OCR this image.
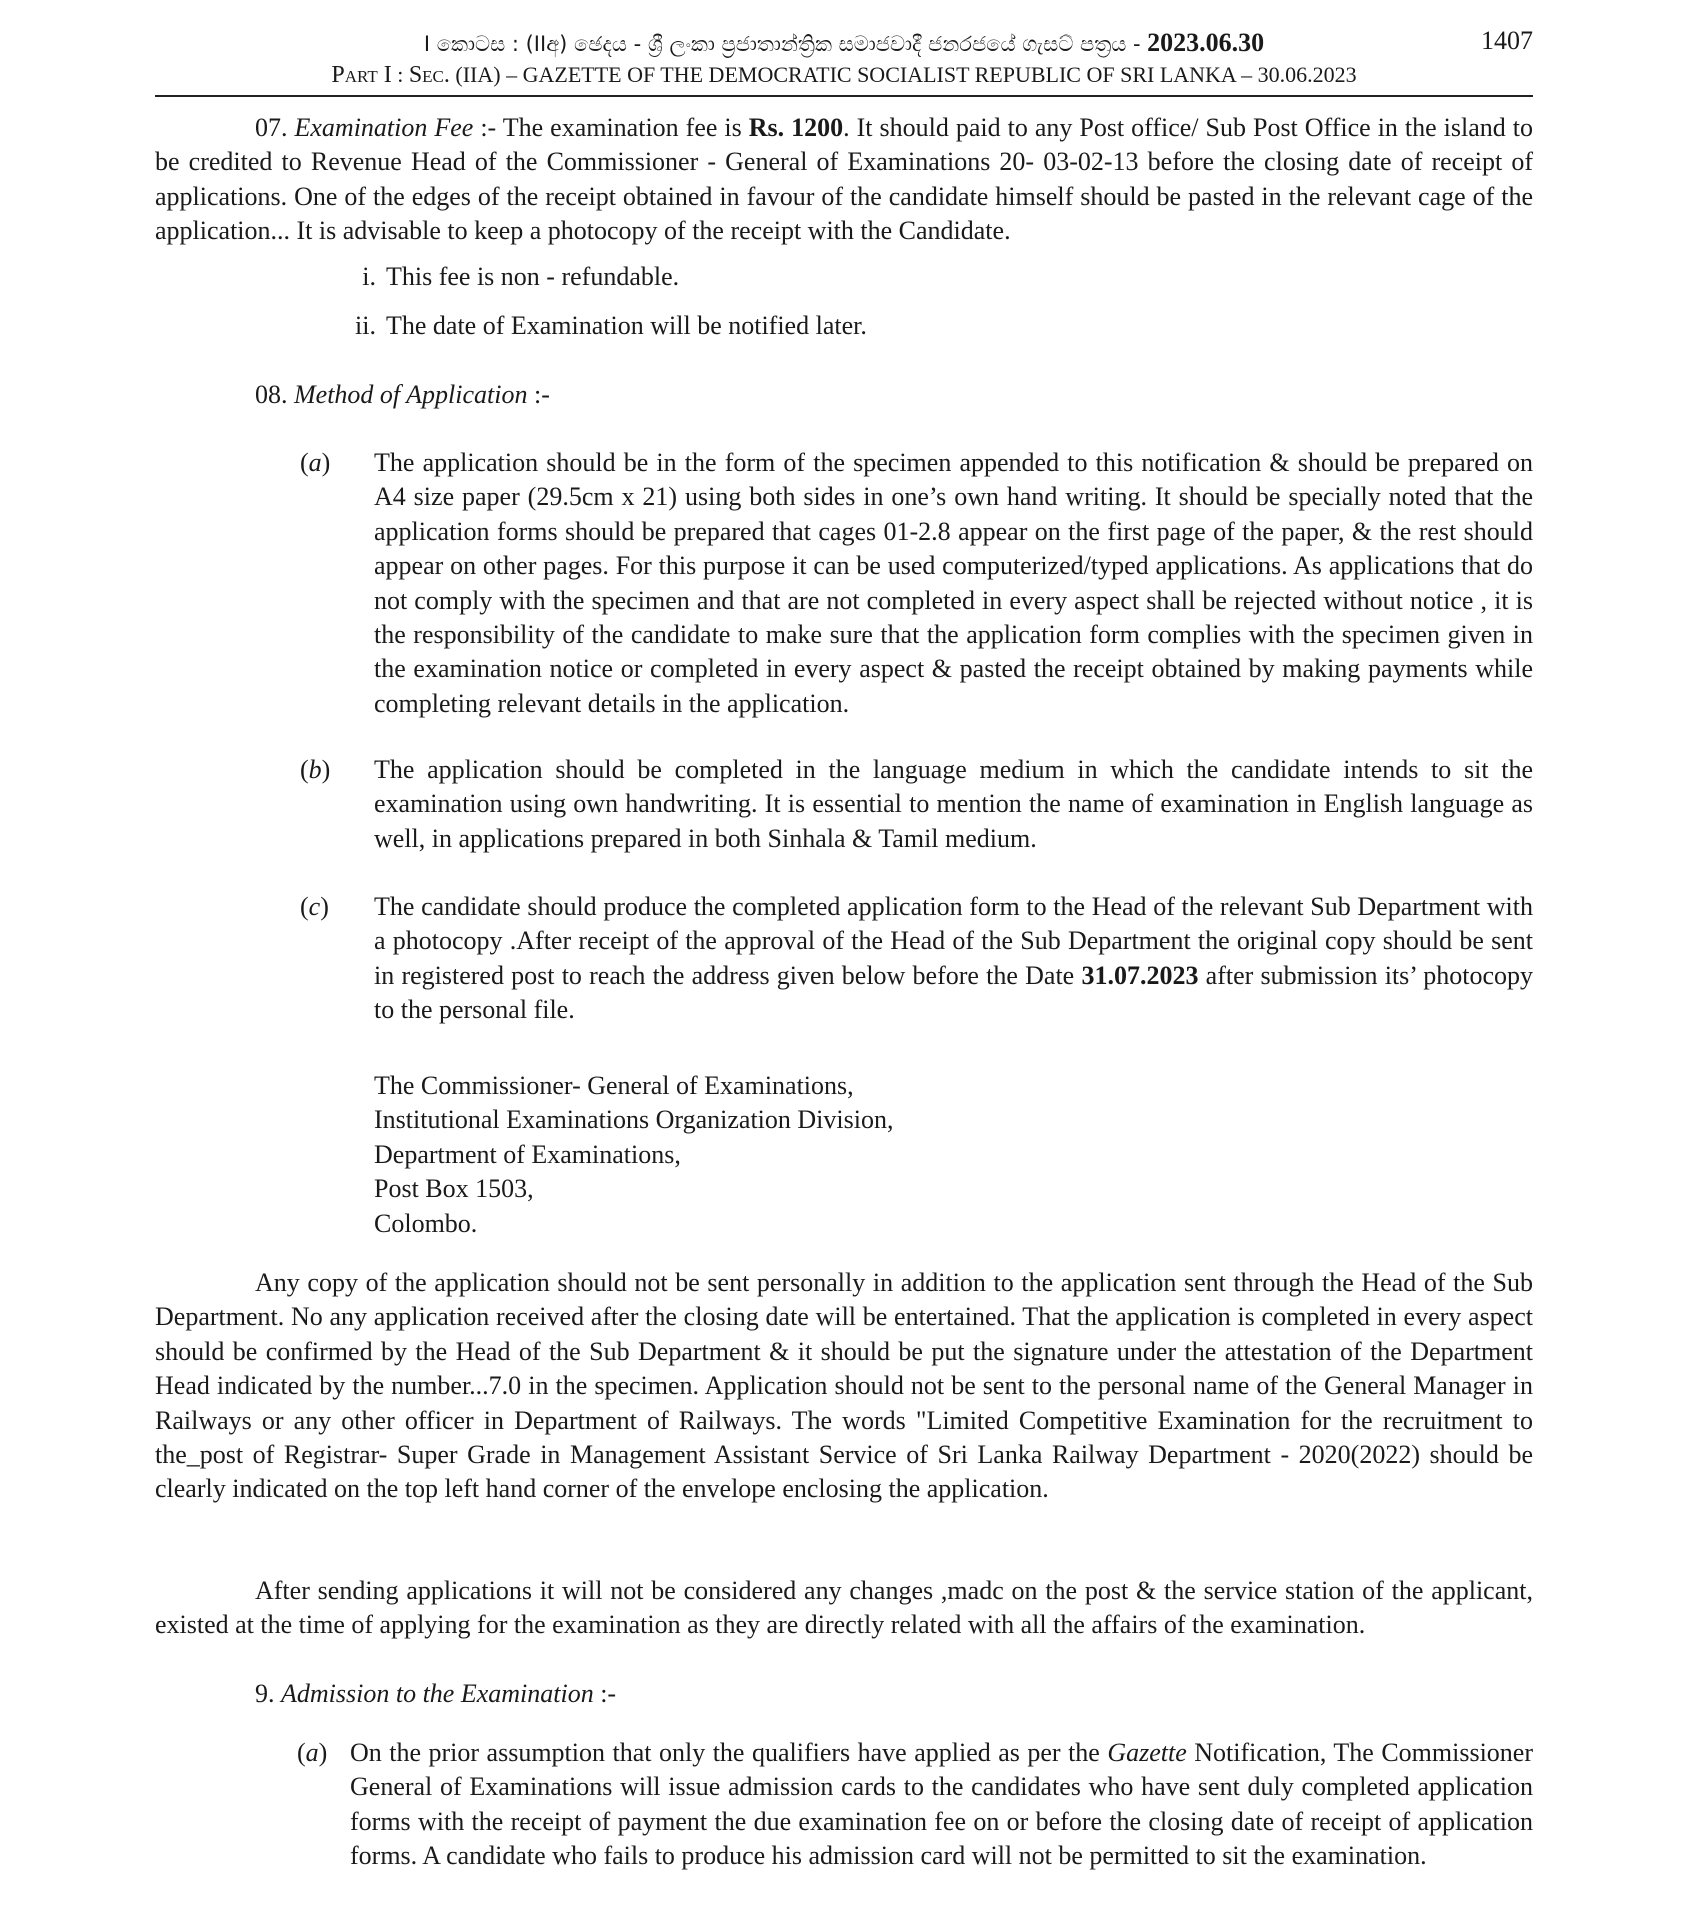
I කොටස : (IIඅ) ඡෙදය - ශ්‍රී ලංකා ප්‍රජාතාන්ත්‍රික සමාජවාදී ජනරජයේ ගැසට් පත්‍රය - 2023.06.30	1407
Part I : Sec. (IIA) – GAZETTE OF THE DEMOCRATIC SOCIALIST REPUBLIC OF SRI LANKA – 30.06.2023
07. Examination Fee :- The examination fee is Rs. 1200. It should paid to any Post office/ Sub Post Office in the island to be credited to Revenue Head of the Commissioner - General of Examinations 20- 03-02-13 before the closing date of receipt of applications. One of the edges of the receipt obtained in favour of the candidate himself should be pasted in the relevant cage of the application... It is advisable to keep a photocopy of the receipt with the Candidate.
i. This fee is non - refundable.
ii. The date of Examination will be notified later.
08. Method of Application :-
(a) The application should be in the form of the specimen appended to this notification & should be prepared on A4 size paper (29.5cm x 21) using both sides in one’s own hand writing. It should be specially noted that the application forms should be prepared that cages 01-2.8 appear on the first page of the paper, & the rest should appear on other pages. For this purpose it can be used computerized/typed applications. As applications that do not comply with the specimen and that are not completed in every aspect shall be rejected without notice , it is the responsibility of the candidate to make sure that the application form complies with the specimen given in the examination notice or completed in every aspect & pasted the receipt obtained by making payments while completing relevant details in the application.
(b) The application should be completed in the language medium in which the candidate intends to sit the examination using own handwriting. It is essential to mention the name of examination in English language as well, in applications prepared in both Sinhala & Tamil medium.
(c) The candidate should produce the completed application form to the Head of the relevant Sub Department with a photocopy .After receipt of the approval of the Head of the Sub Department the original copy should be sent in registered post to reach the address given below before the Date 31.07.2023 after submission its’ photocopy to the personal file.
The Commissioner- General of Examinations,
Institutional Examinations Organization Division,
Department of Examinations,
Post Box 1503,
Colombo.
Any copy of the application should not be sent personally in addition to the application sent through the Head of the Sub Department. No any application received after the closing date will be entertained. That the application is completed in every aspect should be confirmed by the Head of the Sub Department & it should be put the signature under the attestation of the Department Head indicated by the number...7.0 in the specimen. Application should not be sent to the personal name of the General Manager in Railways or any other officer in Department of Railways. The words "Limited Competitive Examination for the recruitment to the_post of Registrar- Super Grade in Management Assistant Service of Sri Lanka Railway Department - 2020(2022) should be clearly indicated on the top left hand corner of the envelope enclosing the application.
After sending applications it will not be considered any changes ,madc on the post & the service station of the applicant, existed at the time of applying for the examination as they are directly related with all the affairs of the examination.
9. Admission to the Examination :-
(a) On the prior assumption that only the qualifiers have applied as per the Gazette Notification, The Commissioner General of Examinations will issue admission cards to the candidates who have sent duly completed application forms with the receipt of payment the due examination fee on or before the closing date of receipt of application forms. A candidate who fails to produce his admission card will not be permitted to sit the examination.
